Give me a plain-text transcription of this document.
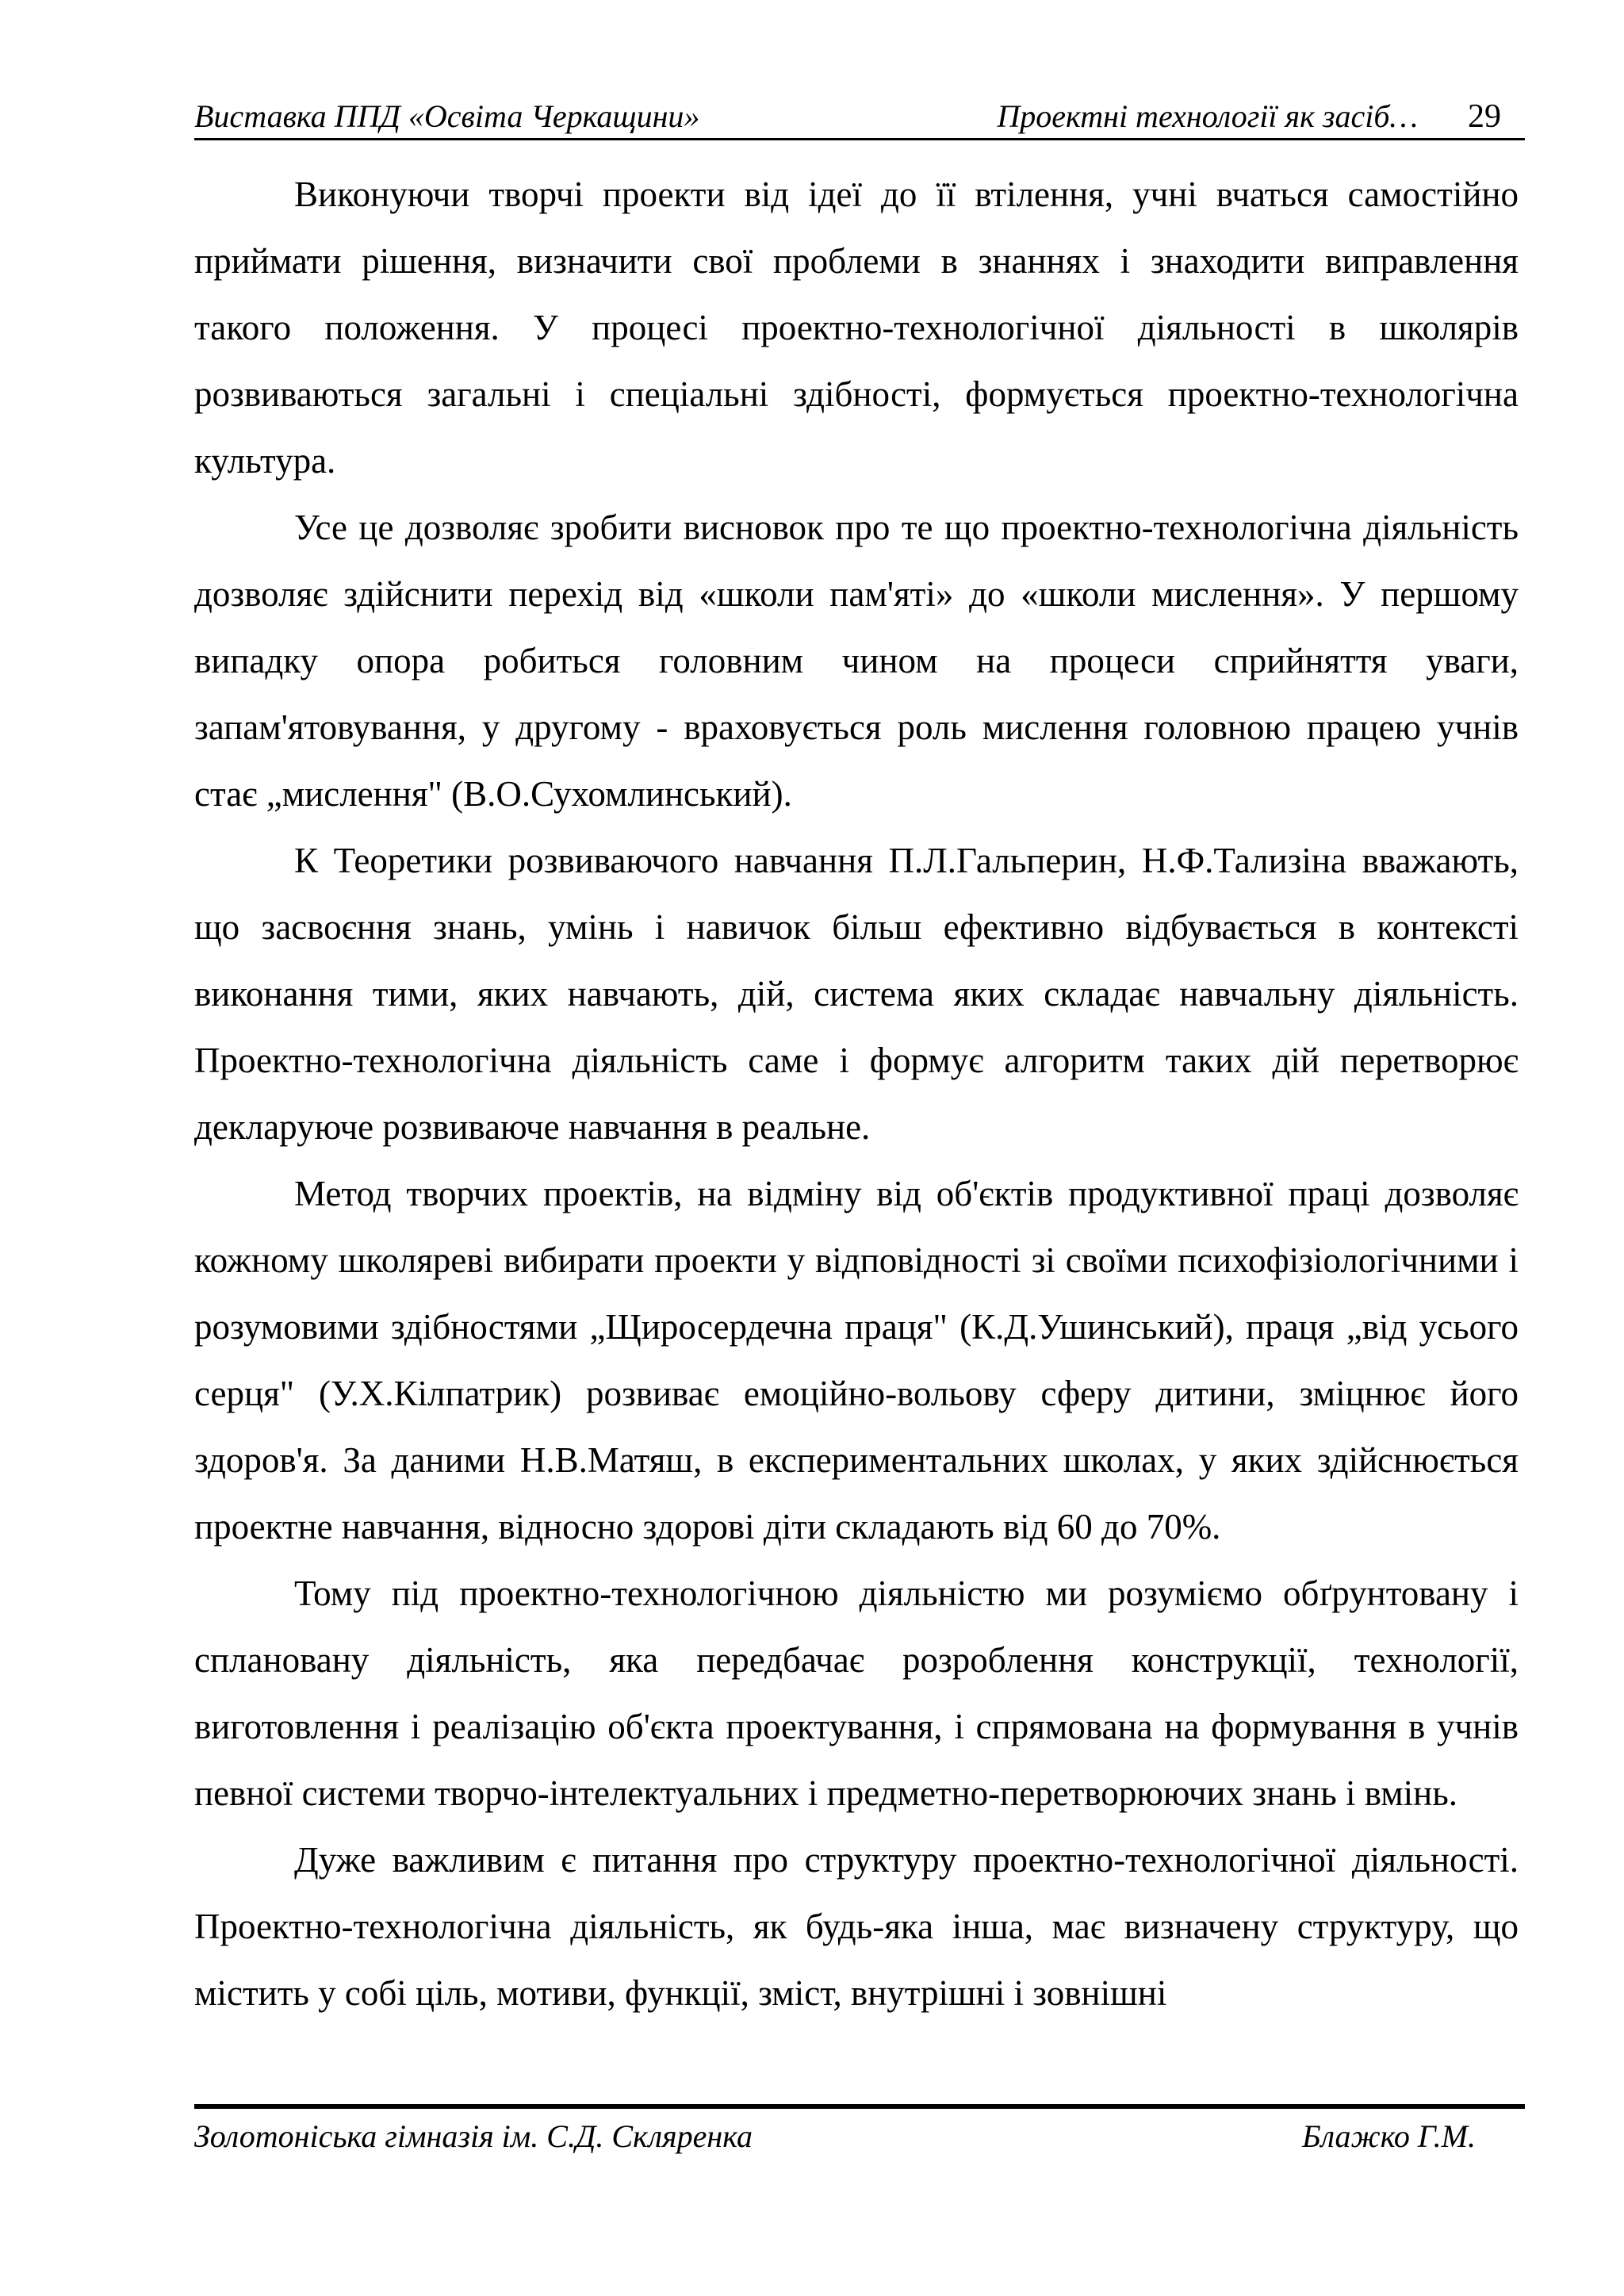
Виставка ППД «Освіта Черкащини»	Проектні технології як засіб… 29

Виконуючи творчі проекти від ідеї до її втілення, учні вчаться самостійно приймати рішення, визначити свої проблеми в знаннях і знаходити виправлення такого положення. У процесі проектно-технологічної діяльності в школярів розвиваються загальні і спеціальні здібності, формується проектно-технологічна культура.

Усе це дозволяє зробити висновок про те що проектно-технологічна діяльність дозволяє здійснити перехід від «школи пам'яті» до «школи мислення». У першому випадку опора робиться головним чином на процеси сприйняття уваги, запам'ятовування, у другому - враховується роль мислення головною працею учнів стає „мислення" (В.О.Сухомлинський).

К Теоретики розвиваючого навчання П.Л.Гальперин, Н.Ф.Тализіна вважають, що засвоєння знань, умінь і навичок більш ефективно відбувається в контексті виконання тими, яких навчають, дій, система яких складає навчальну діяльність. Проектно-технологічна діяльність саме і формує алгоритм таких дій перетворює декларуюче розвиваюче навчання в реальне.

Метод творчих проектів, на відміну від об'єктів продуктивної праці дозволяє кожному школяреві вибирати проекти у відповідності зі своїми психофізіологічними і розумовими здібностями „Щиросердечна праця" (К.Д.Ушинський), праця „від усього серця" (У.Х.Кілпатрик) розвиває емоційно-вольову сферу дитини, зміцнює його здоров'я. За даними Н.В.Матяш, в експериментальних школах, у яких здійснюється проектне навчання, відносно здорові діти складають від 60 до 70%.

Тому під проектно-технологічною діяльністю ми розуміємо обґрунтовану і сплановану діяльність, яка передбачає розроблення конструкції, технології, виготовлення і реалізацію об'єкта проектування, і спрямована на формування в учнів певної системи творчо-інтелектуальних і предметно-перетворюючих знань і вмінь.

Дуже важливим є питання про структуру проектно-технологічної діяльності. Проектно-технологічна діяльність, як будь-яка інша, має визначену структуру, що містить у собі ціль, мотиви, функції, зміст, внутрішні і зовнішні

Золотоніська гімназія ім. С.Д. Скляренка	Блажко Г.М.
